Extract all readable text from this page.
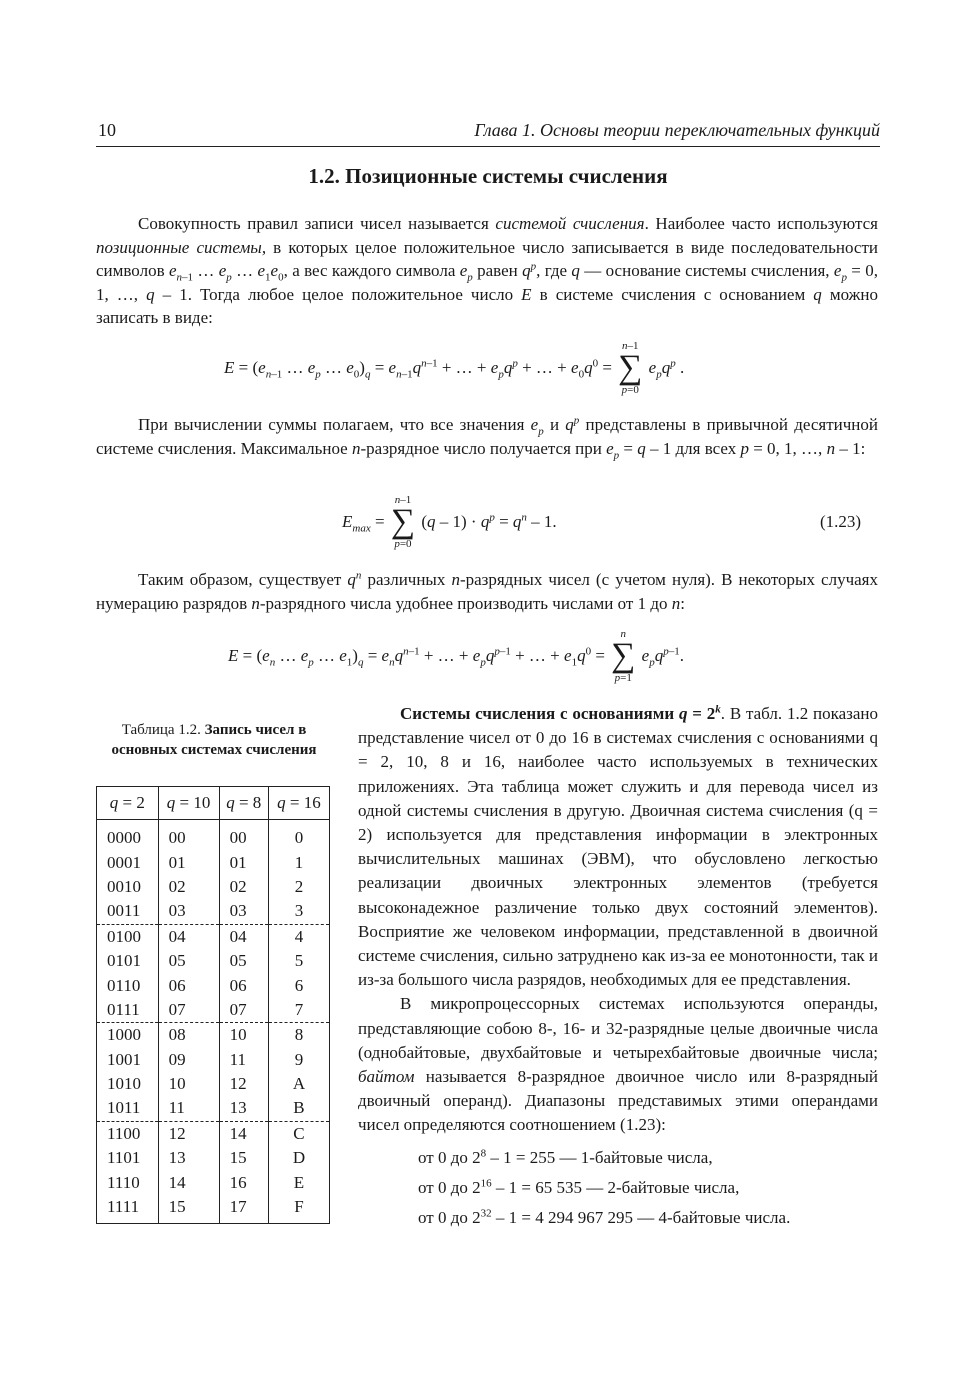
10	Глава 1. Основы теории переключательных функций
1.2. Позиционные системы счисления

Совокупность правил записи чисел называется системой счисления. Наиболее часто используются позиционные системы, в которых целое положительное число записывается в виде последовательности символов $e_{n-1}$ … $e_p$ … $e_1e_0$, а вес каждого символа $e_p$ равен $q^p$, где q — основание системы счисления, $e_p = 0$, 1, …, q – 1. Тогда любое целое положительное число E в системе счисления с основанием q можно записать в виде:

$E = (e_{n-1}$ … $e_p$ … $e_0)_q = e_{n-1}q^{n-1}$ + … + $e_pq^p$ + … + $e_0q^0$ =
n–1
∑
p=0
$e_pq^p$ .

При вычислении суммы полагаем, что все значения $e_p$ и $q^p$ представлены в привычной десятичной системе счисления. Максимальное n-разрядное число получается при $e_p = q - 1$ для всех p = 0, 1, …, n – 1:

$E_{max}$ =
n–1
∑
p=0
$(q - 1) \cdot q^p = q^n - 1$.	(1.23)

Таким образом, существует $q^n$ различных n-разрядных чисел (с учетом нуля). В некоторых случаях нумерацию разрядов n-разрядного числа удобнее производить числами от 1 до n:

$E = (e_n$ … $e_p$ … $e_1)_q = e_nq^{n-1}$ + … + $e_pq^{p-1}$ + … + $e_1q^0$ =
n
∑
p=1
$e_pq^{p-1}$.
Таблица 1.2. Запись чисел в основных системах счисления
q = 2	q = 10	q = 8	q = 16
0000	00	00	0
0001	01	01	1
0010	02	02	2
0011	03	03	3
0100	04	04	4
0101	05	05	5
0110	06	06	6
0111	07	07	7
1000	08	10	8
1001	09	11	9
1010	10	12	A
1011	11	13	B
1100	12	14	C
1101	13	15	D
1110	14	16	E
1111	15	17	F

Системы счисления с основаниями $q = 2^k$. В табл. 1.2 показано представление чисел от 0 до 16 в системах счисления с основаниями q = 2, 10, 8 и 16, наиболее часто используемых в технических приложениях. Эта таблица может служить и для перевода чисел из одной системы счисления в другую. Двоичная система счисления (q = 2) используется для представления информации в электронных вычислительных машинах (ЭВМ), что обусловлено легкостью реализации двоичных электронных элементов (требуется высоконадежное различение только двух состояний элементов). Восприятие же человеком информации, представленной в двоичной системе счисления, сильно затруднено как из-за ее монотонности, так и из-за большого числа разрядов, необходимых для ее представления.

В микропроцессорных системах используются операнды, представляющие собою 8-, 16- и 32-разрядные целые двоичные числа (однобайтовые, двухбайтовые и четырехбайтовые двоичные числа; байтом называется 8-разрядное двоичное число или 8-разрядный двоичный операнд). Диапазоны представимых этими операндами чисел определяются соотношением (1.23):

от 0 до $2^8 - 1 = 255$ — 1-байтовые числа,
от 0 до $2^{16} - 1 = 65$ 535 — 2-байтовые числа,
от 0 до $2^{32} - 1 = 4$ 294 967 295 — 4-байтовые числа.
